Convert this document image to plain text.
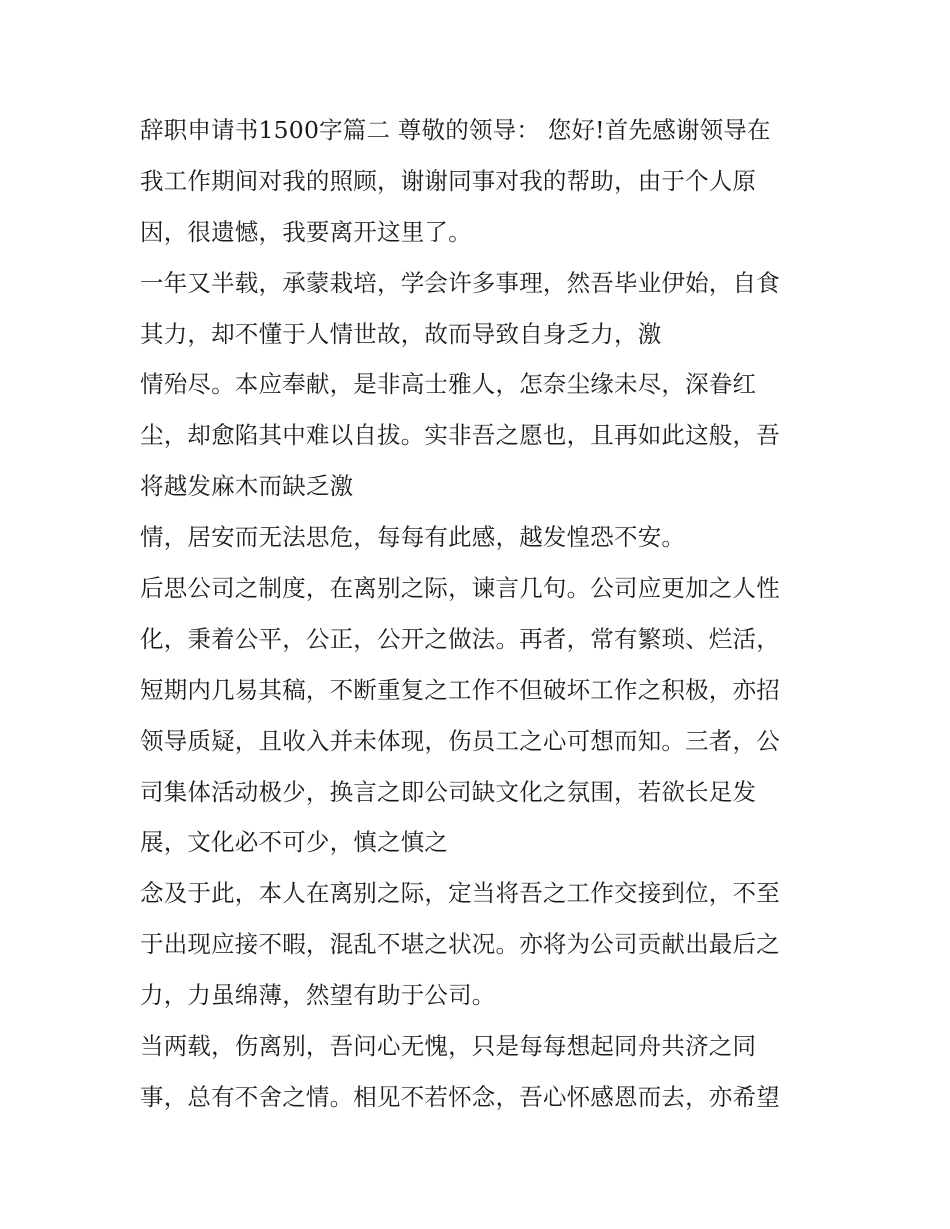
辞职申请书1500字篇二 尊敬的领导： 您好!首先感谢领导在
我工作期间对我的照顾，谢谢同事对我的帮助，由于个人原
因，很遗憾，我要离开这里了。
一年又半载，承蒙栽培，学会许多事理，然吾毕业伊始，自食
其力，却不懂于人情世故，故而导致自身乏力，激
情殆尽。本应奉献，是非高士雅人，怎奈尘缘未尽，深眷红
尘，却愈陷其中难以自拔。实非吾之愿也，且再如此这般，吾
将越发麻木而缺乏激
情，居安而无法思危，每每有此感，越发惶恐不安。
后思公司之制度，在离别之际，谏言几句。公司应更加之人性
化，秉着公平，公正，公开之做法。再者，常有繁琐、烂活，
短期内几易其稿，不断重复之工作不但破坏工作之积极，亦招
领导质疑，且收入并未体现，伤员工之心可想而知。三者，公
司集体活动极少，换言之即公司缺文化之氛围，若欲长足发
展，文化必不可少，慎之慎之
念及于此，本人在离别之际，定当将吾之工作交接到位，不至
于出现应接不暇，混乱不堪之状况。亦将为公司贡献出最后之
力，力虽绵薄，然望有助于公司。
当两载，伤离别，吾问心无愧，只是每每想起同舟共济之同
事，总有不舍之情。相见不若怀念，吾心怀感恩而去，亦希望
